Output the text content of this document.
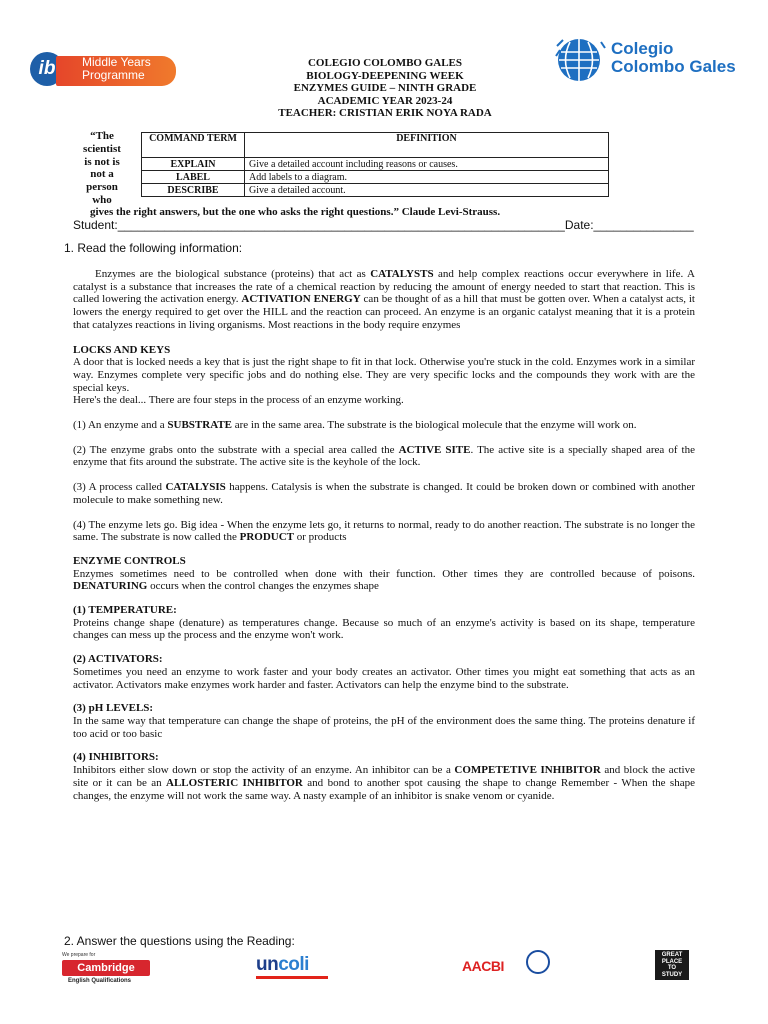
ib	Middle Years
Programme
Colegio
Colombo Gales
COLEGIO COLOMBO GALES
BIOLOGY-DEEPENING WEEK
ENZYMES GUIDE – NINTH GRADE
ACADEMIC YEAR 2023-24
TEACHER: CRISTIAN ERIK NOYA RADA
“The
scientist
is not is
not a
person
who
COMMAND TERM	DEFINITION
EXPLAIN	Give a detailed account including reasons or causes.
LABEL	Add labels to a diagram.
DESCRIBE	Give a detailed account.
gives the right answers, but the one who asks the right questions.” Claude Levi-Strauss.
Student:___________________________________________________________________Date:_______________
1. Read the following information:

Enzymes are the biological substance (proteins) that act as CATALYSTS and help complex reactions occur everywhere in life. A catalyst is a substance that increases the rate of a chemical reaction by reducing the amount of energy needed to start that reaction. This is called lowering the activation energy. ACTIVATION ENERGY can be thought of as a hill that must be gotten over. When a catalyst acts, it lowers the energy required to get over the HILL and the reaction can proceed. An enzyme is an organic catalyst meaning that it is a protein that catalyzes reactions in living organisms. Most reactions in the body require enzymes

LOCKS AND KEYS

A door that is locked needs a key that is just the right shape to fit in that lock. Otherwise you're stuck in the cold. Enzymes work in a similar way. Enzymes complete very specific jobs and do nothing else. They are very specific locks and the compounds they work with are the special keys.

Here's the deal... There are four steps in the process of an enzyme working.

(1) An enzyme and a SUBSTRATE are in the same area. The substrate is the biological molecule that the enzyme will work on.

(2) The enzyme grabs onto the substrate with a special area called the ACTIVE SITE. The active site is a specially shaped area of the enzyme that fits around the substrate. The active site is the keyhole of the lock.

(3) A process called CATALYSIS happens. Catalysis is when the substrate is changed. It could be broken down or combined with another molecule to make something new.

(4) The enzyme lets go. Big idea - When the enzyme lets go, it returns to normal, ready to do another reaction. The substrate is no longer the same. The substrate is now called the PRODUCT or products

ENZYME CONTROLS

Enzymes sometimes need to be controlled when done with their function. Other times they are controlled because of poisons. DENATURING occurs when the control changes the enzymes shape

(1) TEMPERATURE:

Proteins change shape (denature) as temperatures change. Because so much of an enzyme's activity is based on its shape, temperature changes can mess up the process and the enzyme won't work.

(2) ACTIVATORS:

Sometimes you need an enzyme to work faster and your body creates an activator. Other times you might eat something that acts as an activator. Activators make enzymes work harder and faster. Activators can help the enzyme bind to the substrate.

(3) pH LEVELS:

In the same way that temperature can change the shape of proteins, the pH of the environment does the same thing. The proteins denature if too acid or too basic

(4) INHIBITORS:

Inhibitors either slow down or stop the activity of an enzyme. An inhibitor can be a COMPETETIVE INHIBITOR and block the active site or it can be an ALLOSTERIC INHIBITOR and bond to another spot causing the shape to change Remember - When the shape changes, the enzyme will not work the same way. A nasty example of an inhibitor is snake venom or cyanide.

2. Answer the questions using the Reading:
We prepare for
Cambridge
English Qualifications
uncoli	AACBI
GREAT
PLACE
TO
STUDY
